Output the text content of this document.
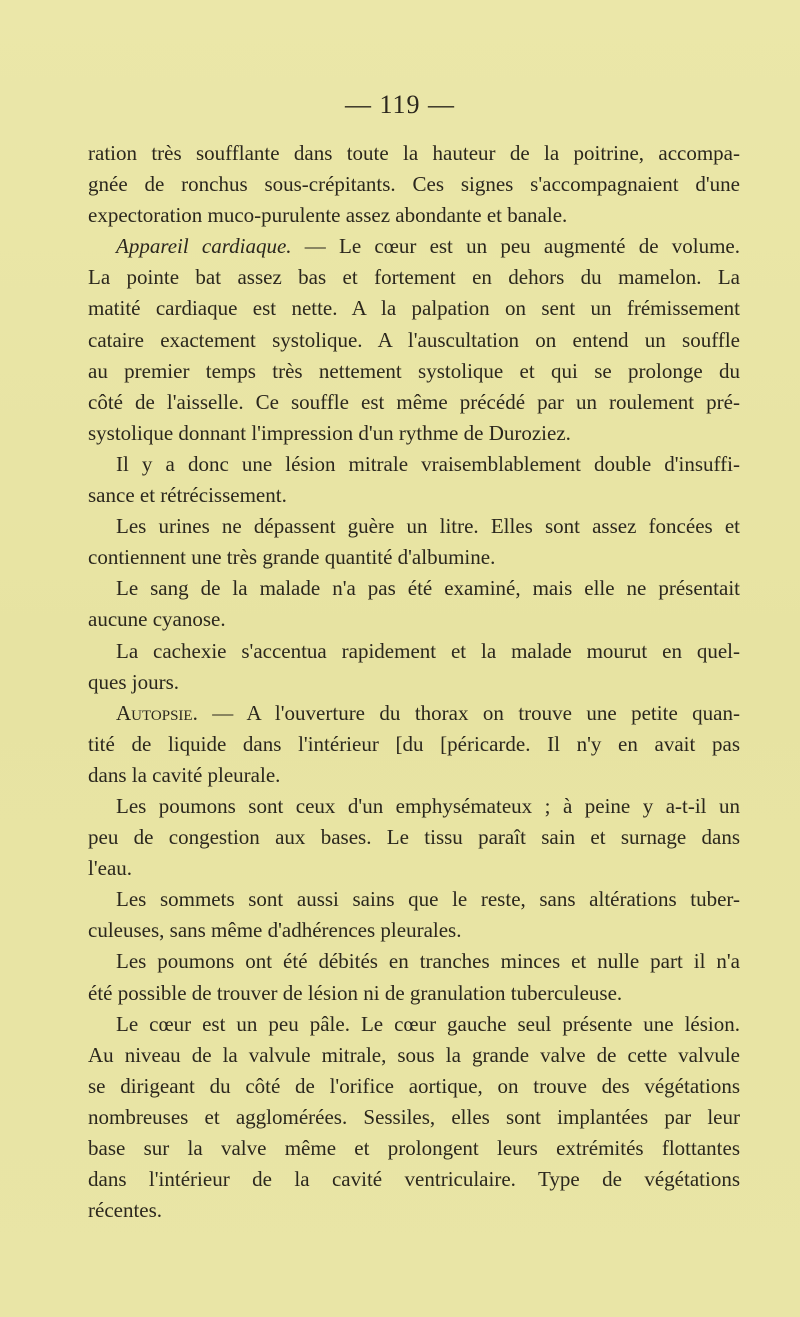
— 119 —
ration très soufflante dans toute la hauteur de la poitrine, accompa-
gnée de ronchus sous-crépitants. Ces signes s'accompagnaient d'une
expectoration muco-purulente assez abondante et banale.
Appareil cardiaque. — Le cœur est un peu augmenté de volume.
La pointe bat assez bas et fortement en dehors du mamelon. La
matité cardiaque est nette. A la palpation on sent un frémissement
cataire exactement systolique. A l'auscultation on entend un souffle
au premier temps très nettement systolique et qui se prolonge du
côté de l'aisselle. Ce souffle est même précédé par un roulement pré-
systolique donnant l'impression d'un rythme de Duroziez.
Il y a donc une lésion mitrale vraisemblablement double d'insuffi-
sance et rétrécissement.
Les urines ne dépassent guère un litre. Elles sont assez foncées et
contiennent une très grande quantité d'albumine.
Le sang de la malade n'a pas été examiné, mais elle ne présentait
aucune cyanose.
La cachexie s'accentua rapidement et la malade mourut en quel-
ques jours.
Autopsie. — A l'ouverture du thorax on trouve une petite quan-
tité de liquide dans l'intérieur [du [péricarde. Il n'y en avait pas
dans la cavité pleurale.
Les poumons sont ceux d'un emphysémateux ; à peine y a-t-il un
peu de congestion aux bases. Le tissu paraît sain et surnage dans
l'eau.
Les sommets sont aussi sains que le reste, sans altérations tuber-
culeuses, sans même d'adhérences pleurales.
Les poumons ont été débités en tranches minces et nulle part il n'a
été possible de trouver de lésion ni de granulation tuberculeuse.
Le cœur est un peu pâle. Le cœur gauche seul présente une lésion.
Au niveau de la valvule mitrale, sous la grande valve de cette valvule
se dirigeant du côté de l'orifice aortique, on trouve des végétations
nombreuses et agglomérées. Sessiles, elles sont implantées par leur
base sur la valve même et prolongent leurs extrémités flottantes
dans l'intérieur de la cavité ventriculaire. Type de végétations
récentes.
